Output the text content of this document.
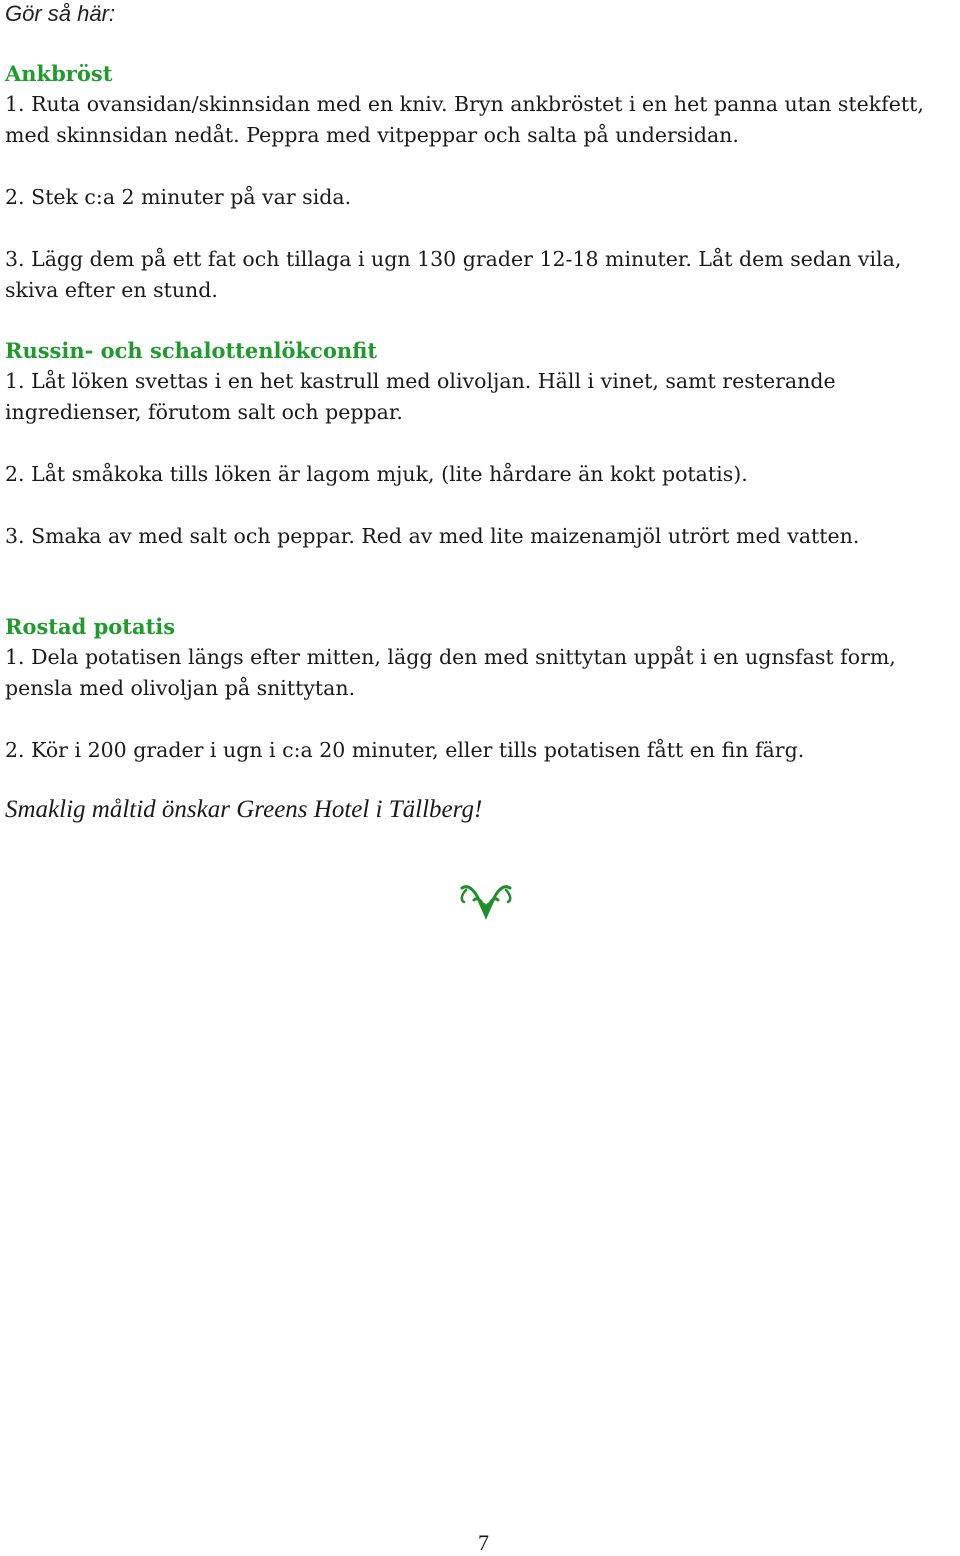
Gör så här:
Ankbröst

1. Ruta ovansidan/skinnsidan med en kniv. Bryn ankbröstet i en het panna utan stekfett, med skinnsidan nedåt. Peppra med vitpeppar och salta på undersidan.

2. Stek c:a 2 minuter på var sida.

3. Lägg dem på ett fat och tillaga i ugn 130 grader 12-18 minuter. Låt dem sedan vila, skiva efter en stund.

Russin- och schalottenlökconfit

1. Låt löken svettas i en het kastrull med olivoljan. Häll i vinet, samt resterande ingredienser, förutom salt och peppar.

2. Låt småkoka tills löken är lagom mjuk, (lite hårdare än kokt potatis).

3. Smaka av med salt och peppar. Red av med lite maizenamjöl utrört med vatten.

Rostad potatis

1. Dela potatisen längs efter mitten, lägg den med snittytan uppåt i en ugnsfast form, pensla med olivoljan på snittytan.

2. Kör i 200 grader i ugn i c:a 20 minuter, eller tills potatisen fått en fin färg.

Smaklig måltid önskar Greens Hotel i Tällberg!
7
